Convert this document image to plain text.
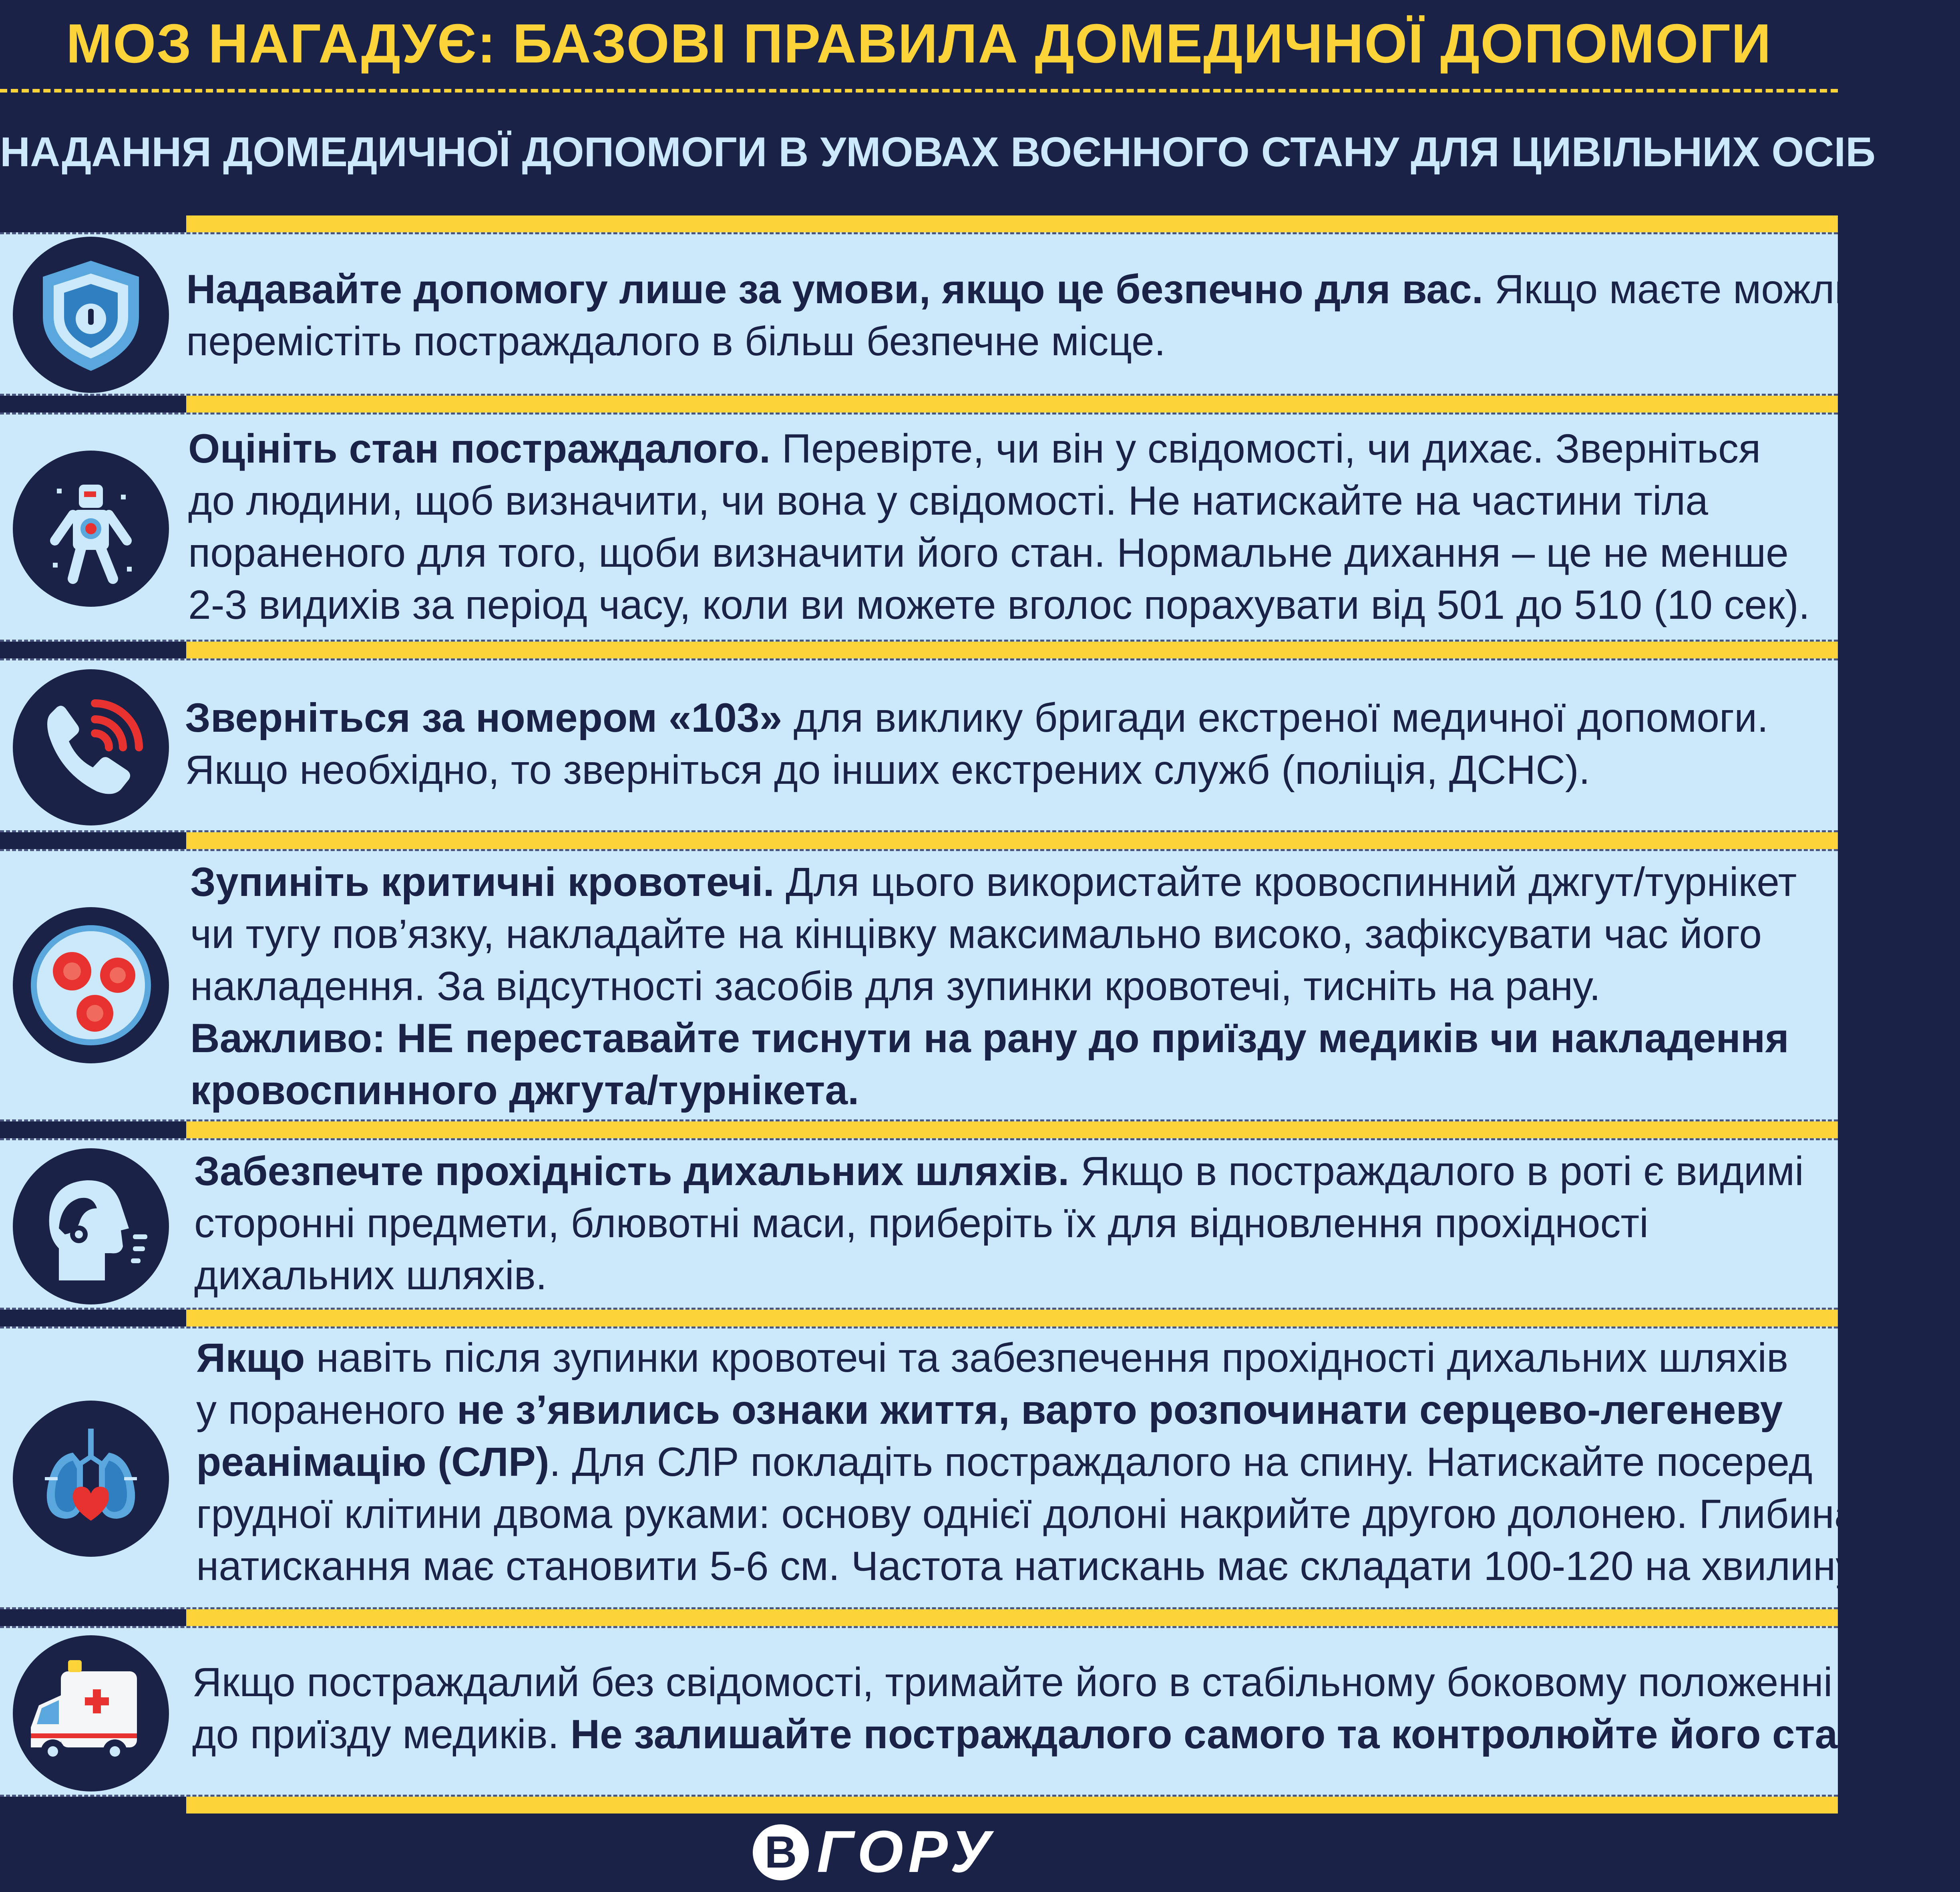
МОЗ НАГАДУЄ: БАЗОВІ ПРАВИЛА ДОМЕДИЧНОЇ ДОПОМОГИ
НАДАННЯ ДОМЕДИЧНОЇ ДОПОМОГИ В УМОВАХ ВОЄННОГО СТАНУ ДЛЯ ЦИВІЛЬНИХ ОСІБ
Надавайте допомогу лише за умови, якщо це безпечно для вас. Якщо маєте можливість,
перемістіть постраждалого в більш безпечне місце.
Оцініть стан постраждалого. Перевірте, чи він у свідомості, чи дихає. Зверніться
до людини, щоб визначити, чи вона у свідомості. Не натискайте на частини тіла
пораненого для того, щоби визначити його стан. Нормальне дихання – це не менше
2-3 видихів за період часу, коли ви можете вголос порахувати від 501 до 510 (10 сек).
Зверніться за номером «103» для виклику бригади екстреної медичної допомоги.
Якщо необхідно, то зверніться до інших екстрених служб (поліція, ДСНС).
Зупиніть критичні кровотечі. Для цього використайте кровоспинний джгут/турнікет
чи тугу пов’язку, накладайте на кінцівку максимально високо, зафіксувати час його
накладення. За відсутності засобів для зупинки кровотечі, тисніть на рану.
Важливо: НЕ переставайте тиснути на рану до приїзду медиків чи накладення
кровоспинного джгута/турнікета.
Забезпечте прохідність дихальних шляхів. Якщо в постраждалого в роті є видимі
сторонні предмети, блювотні маси, приберіть їх для відновлення прохідності
дихальних шляхів.
Якщо навіть після зупинки кровотечі та забезпечення прохідності дихальних шляхів
у пораненого не з’явились ознаки життя, варто розпочинати серцево-легеневу
реанімацію (СЛР). Для СЛР покладіть постраждалого на спину. Натискайте посеред
грудної клітини двома руками: основу однієї долоні накрийте другою долонею. Глибина
натискання має становити 5-6 см. Частота натискань має складати 100-120 на хвилину.
Якщо постраждалий без свідомості, тримайте його в стабільному боковому положенні
до приїзду медиків. Не залишайте постраждалого самого та контролюйте його стан.
В ГОРУ
